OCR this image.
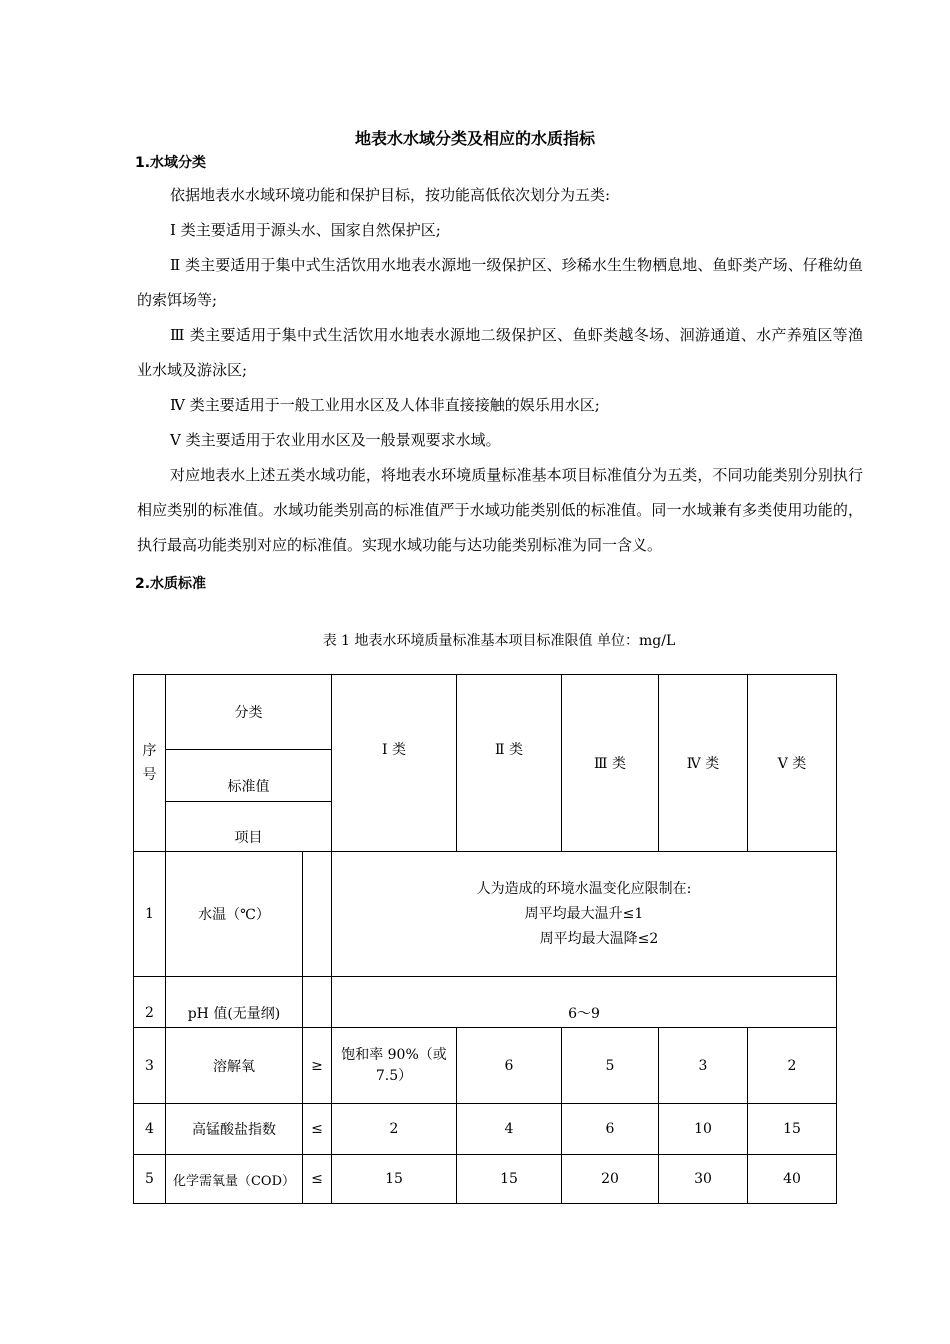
地表水水域分类及相应的水质指标
1.水域分类

依据地表水水域环境功能和保护目标，按功能高低依次划分为五类:

Ⅰ 类主要适用于源头水、国家自然保护区;

Ⅱ 类主要适用于集中式生活饮用水地表水源地一级保护区、珍稀水生生物栖息地、鱼虾类产场、仔稚幼鱼的索饵场等;

Ⅲ 类主要适用于集中式生活饮用水地表水源地二级保护区、鱼虾类越冬场、洄游通道、水产养殖区等渔业水域及游泳区;

Ⅳ 类主要适用于一般工业用水区及人体非直接接触的娱乐用水区;

Ⅴ 类主要适用于农业用水区及一般景观要求水域。

对应地表水上述五类水域功能，将地表水环境质量标准基本项目标准值分为五类，不同功能类别分别执行相应类别的标准值。水域功能类别高的标准值严于水域功能类别低的标准值。同一水域兼有多类使用功能的，执行最高功能类别对应的标准值。实现水域功能与达功能类别标准为同一含义。

2.水质标准
表 1 地表水环境质量标准基本项目标准限值 单位：mg/L
序号	分类		Ⅰ 类	Ⅱ 类	Ⅲ 类	Ⅳ 类	Ⅴ 类

	标准值						

	项目						

1	水温（℃）		人为造成的环境水温变化应限制在:
周平均最大温升≤1
周平均最大温降≤2				

2	pH 值(无量纲)		6～9				

3	溶解氧	≥	饱和率 90%（或 7.5）	6	5	3	2
4	高锰酸盐指数	≤	2	4	6	10	15
5	化学需氧量（COD）	≤	15	15	20	30	40
